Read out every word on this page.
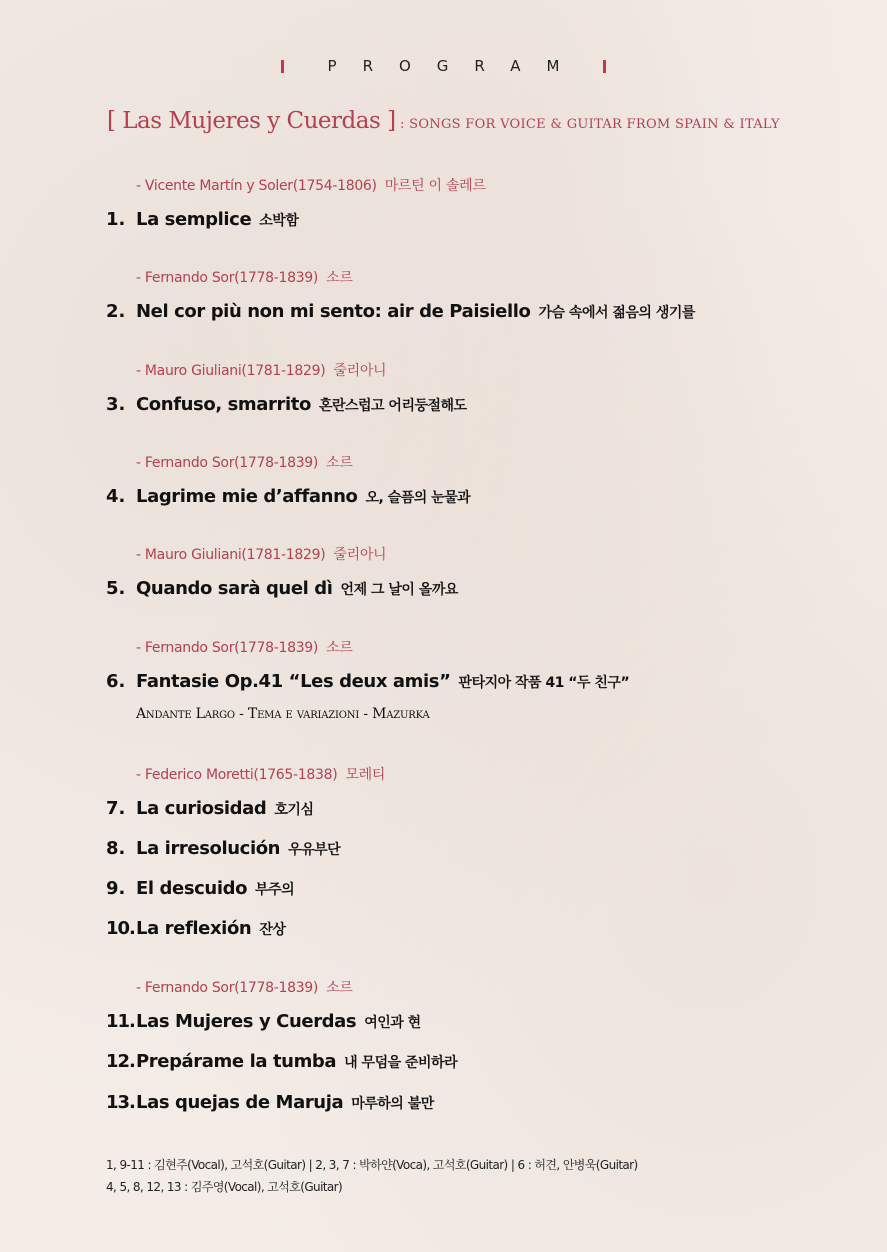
PROGRAM
[ Las Mujeres y Cuerdas ] : SONGS FOR VOICE & GUITAR FROM SPAIN & ITALY
- Vicente Martín y Soler(1754-1806) 마르틴 이 솔레르
- Fernando Sor(1778-1839) 소르
- Mauro Giuliani(1781-1829) 줄리아니
- Fernando Sor(1778-1839) 소르
- Mauro Giuliani(1781-1829) 줄리아니
- Fernando Sor(1778-1839) 소르
- Federico Moretti(1765-1838) 모레티
- Fernando Sor(1778-1839) 소르
1. La semplice 소박함
2. Nel cor più non mi sento: air de Paisiello 가슴 속에서 젊음의 생기를
3. Confuso, smarrito 혼란스럽고 어리둥절해도
4. Lagrime mie d’affanno 오, 슬픔의 눈물과
5. Quando sarà quel dì 언제 그 날이 올까요
6. Fantasie Op.41 “Les deux amis” 판타지아 작품 41 “두 친구”
Andante Largo - Tema e variazioni - Mazurka
7. La curiosidad 호기심
8. La irresolución 우유부단
9. El descuido 부주의
10.La reflexión 잔상
11.Las Mujeres y Cuerdas 여인과 현
12.Prepárame la tumba 내 무덤을 준비하라
13.Las quejas de Maruja 마루하의 불만
1, 9-11 : 김현주(Vocal), 고석호(Guitar) | 2, 3, 7 : 박하얀(Voca), 고석호(Guitar) | 6 : 허견, 안병욱(Guitar)
4, 5, 8, 12, 13 : 김주영(Vocal), 고석호(Guitar)
